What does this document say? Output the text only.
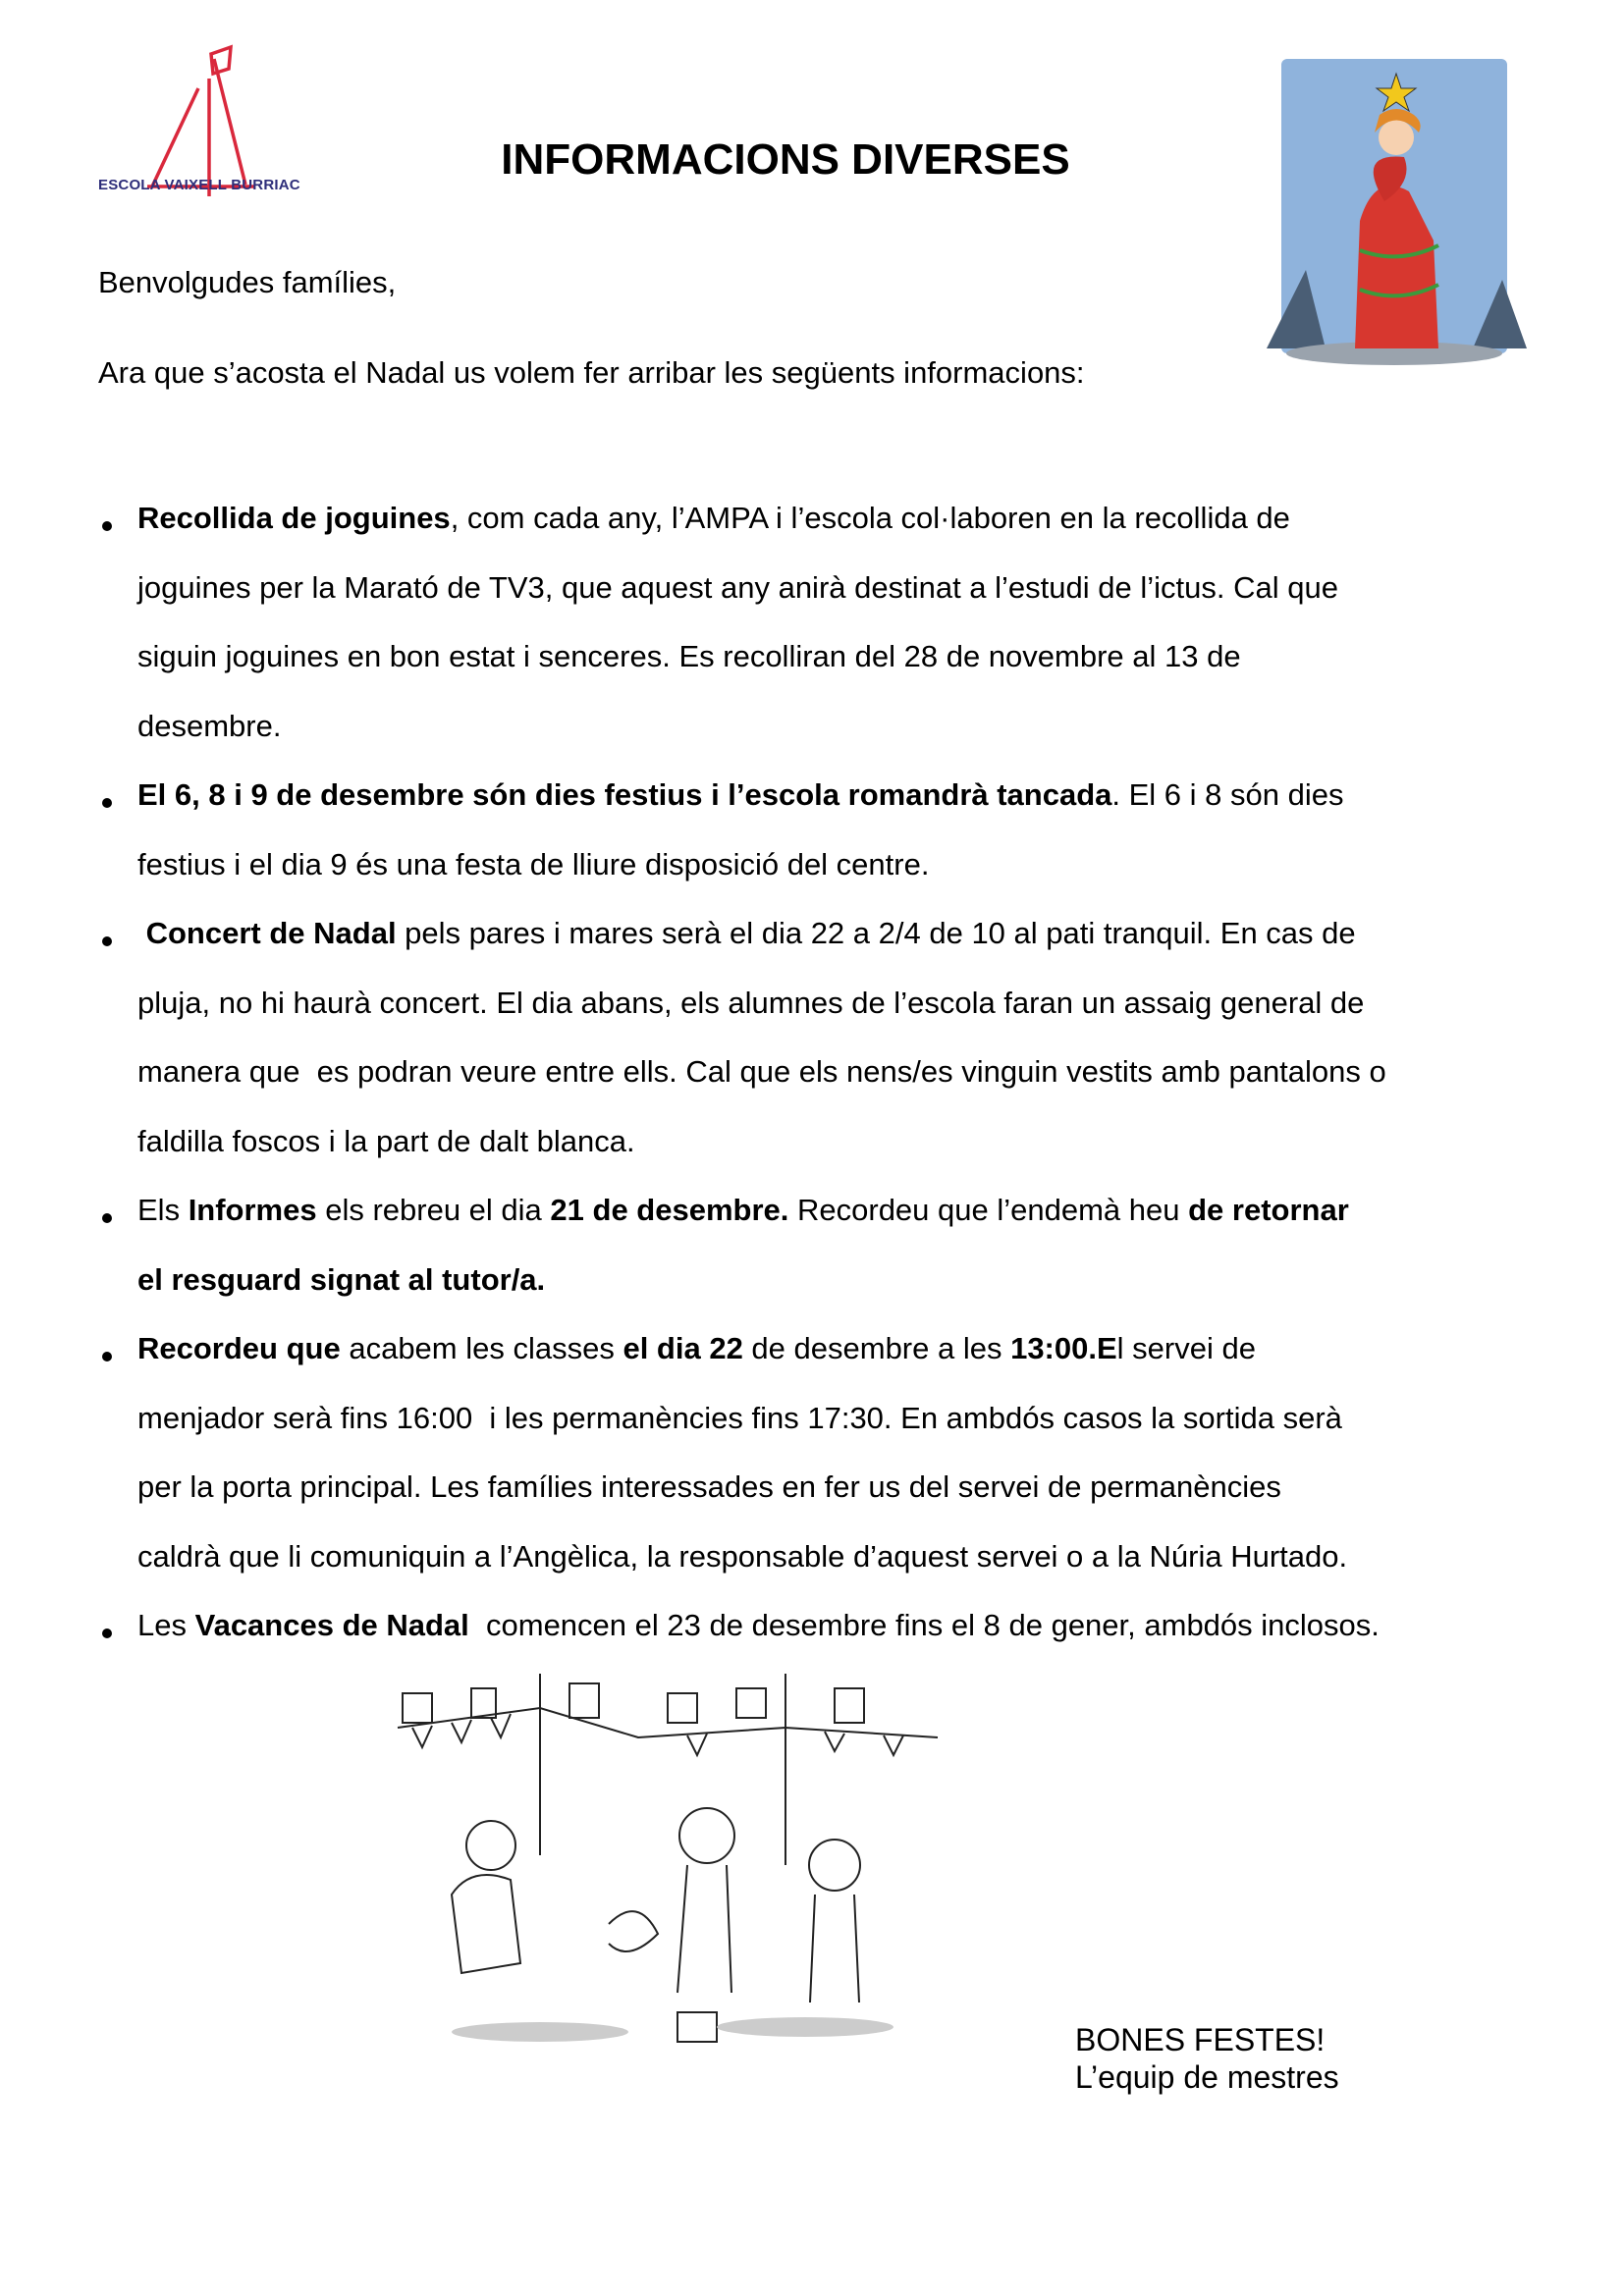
ESCOLA VAIXELL BURRIAC
INFORMACIONS DIVERSES
Benvolgudes famílies,
Ara que s’acosta el Nadal us volem fer arribar les següents informacions:
Recollida de joguines, com cada any, l’AMPA i l’escola col·laboren en la recollida de
joguines per la Marató de TV3, que aquest any anirà destinat a l’estudi de l’ictus. Cal que
siguin joguines en bon estat i senceres. Es recolliran del 28 de novembre al 13 de
desembre.
El 6, 8 i 9 de desembre són dies festius i l’escola romandrà tancada. El 6 i 8 són dies
festius i el dia 9 és una festa de lliure disposició del centre.
Concert de Nadal pels pares i mares serà el dia 22 a 2/4 de 10 al pati tranquil. En cas de
pluja, no hi haurà concert. El dia abans, els alumnes de l’escola faran un assaig general de
manera que  es podran veure entre ells. Cal que els nens/es vinguin vestits amb pantalons o
faldilla foscos i la part de dalt blanca.
Els Informes els rebreu el dia 21 de desembre. Recordeu que l’endemà heu de retornar
el resguard signat al tutor/a.
Recordeu que acabem les classes el dia 22 de desembre a les 13:00.El servei de
menjador serà fins 16:00  i les permanències fins 17:30. En ambdós casos la sortida serà
per la porta principal. Les famílies interessades en fer us del servei de permanències
caldrà que li comuniquin a l’Angèlica, la responsable d’aquest servei o a la Núria Hurtado.
Les Vacances de Nadal  comencen el 23 de desembre fins el 8 de gener, ambdós inclosos.
BONES FESTES!
L’equip de mestres
